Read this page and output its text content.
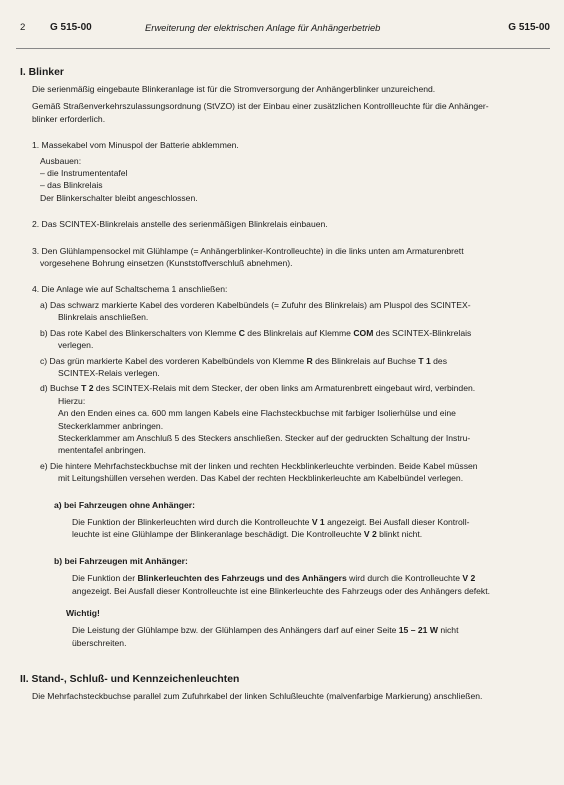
2 G 515-00	Erweiterung der elektrischen Anlage für Anhängerbetrieb	G 515-00
I. Blinker

Die serienmäßig eingebaute Blinkeranlage ist für die Stromversorgung der Anhängerblinker unzureichend.

Gemäß Straßenverkehrszulassungsordnung (StVZO) ist der Einbau einer zusätzlichen Kontrollleuchte für die Anhänger-

blinker erforderlich.

1. Massekabel vom Minuspol der Batterie abklemmen.

Ausbauen:

– die Instrumententafel

– das Blinkrelais

Der Blinkerschalter bleibt angeschlossen.

2. Das SCINTEX-Blinkrelais anstelle des serienmäßigen Blinkrelais einbauen.

3. Den Glühlampensockel mit Glühlampe (= Anhängerblinker-Kontrolleuchte) in die links unten am Armaturenbrett

vorgesehene Bohrung einsetzen (Kunststoffverschluß abnehmen).

4. Die Anlage wie auf Schaltschema 1 anschließen:

a) Das schwarz markierte Kabel des vorderen Kabelbündels (= Zufuhr des Blinkrelais) am Pluspol des SCINTEX-

Blinkrelais anschließen.

b) Das rote Kabel des Blinkerschalters von Klemme C des Blinkrelais auf Klemme COM des SCINTEX-Blinkrelais

verlegen.

c) Das grün markierte Kabel des vorderen Kabelbündels von Klemme R des Blinkrelais auf Buchse T 1 des

SCINTEX-Relais verlegen.

d) Buchse T 2 des SCINTEX-Relais mit dem Stecker, der oben links am Armaturenbrett eingebaut wird, verbinden.

Hierzu:

An den Enden eines ca. 600 mm langen Kabels eine Flachsteckbuchse mit farbiger Isolierhülse und eine

Steckerklammer anbringen.

Steckerklammer am Anschluß 5 des Steckers anschließen. Stecker auf der gedruckten Schaltung der Instru-

mententafel anbringen.

e) Die hintere Mehrfachsteckbuchse mit der linken und rechten Heckblinkerleuchte verbinden. Beide Kabel müssen

mit Leitungshüllen versehen werden. Das Kabel der rechten Heckblinkerleuchte am Kabelbündel verlegen.

a) bei Fahrzeugen ohne Anhänger:

Die Funktion der Blinkerleuchten wird durch die Kontrolleuchte V 1 angezeigt. Bei Ausfall dieser Kontroll-

leuchte ist eine Glühlampe der Blinkeranlage beschädigt. Die Kontrolleuchte V 2 blinkt nicht.

b) bei Fahrzeugen mit Anhänger:

Die Funktion der Blinkerleuchten des Fahrzeugs und des Anhängers wird durch die Kontrolleuchte V 2

angezeigt. Bei Ausfall dieser Kontrolleuchte ist eine Blinkerleuchte des Fahrzeugs oder des Anhängers defekt.

Wichtig!

Die Leistung der Glühlampe bzw. der Glühlampen des Anhängers darf auf einer Seite 15 – 21 W nicht

überschreiten.

II. Stand-, Schluß- und Kennzeichenleuchten

Die Mehrfachsteckbuchse parallel zum Zufuhrkabel der linken Schlußleuchte (malvenfarbige Markierung) anschließen.
